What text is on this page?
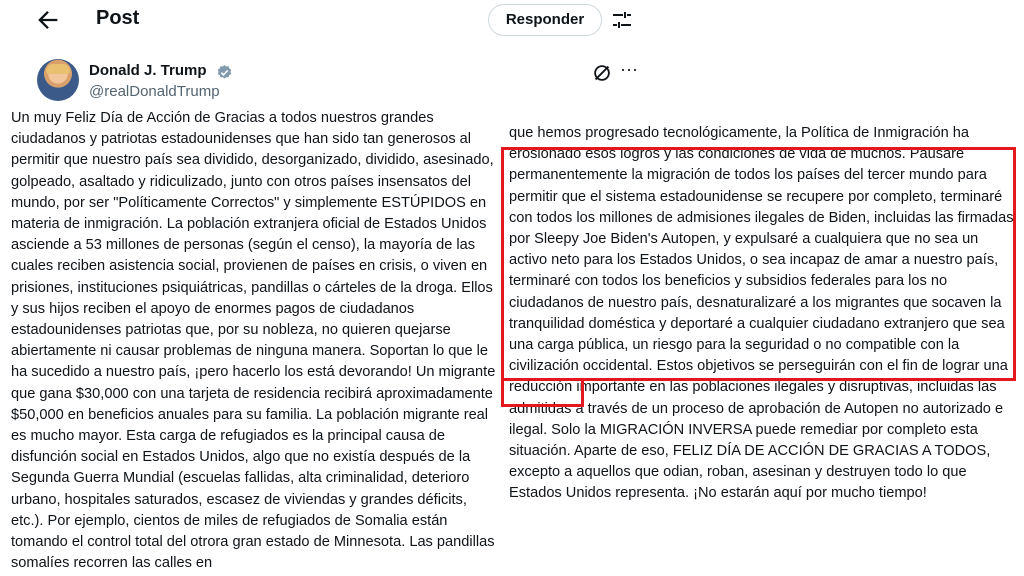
Post	Responder
Donald J. Trump
@realDonaldTrump
···

Un muy Feliz Día de Acción de Gracias a todos nuestros grandes ciudadanos y patriotas estadounidenses que han sido tan generosos al permitir que nuestro país sea dividido, desorganizado, dividido, asesinado, golpeado, asaltado y ridiculizado, junto con otros países insensatos del mundo, por ser "Políticamente Correctos" y simplemente ESTÚPIDOS en materia de inmigración. La población extranjera oficial de Estados Unidos asciende a 53 millones de personas (según el censo), la mayoría de las cuales reciben asistencia social, provienen de países en crisis, o viven en prisiones, instituciones psiquiátricas, pandillas o cárteles de la droga. Ellos y sus hijos reciben el apoyo de enormes pagos de ciudadanos estadounidenses patriotas que, por su nobleza, no quieren quejarse abiertamente ni causar problemas de ninguna manera. Soportan lo que le ha sucedido a nuestro país, ¡pero hacerlo los está devorando! Un migrante que gana $30,000 con una tarjeta de residencia recibirá aproximadamente $50,000 en beneficios anuales para su familia. La población migrante real es mucho mayor. Esta carga de refugiados es la principal causa de disfunción social en Estados Unidos, algo que no existía después de la Segunda Guerra Mundial (escuelas fallidas, alta criminalidad, deterioro urbano, hospitales saturados, escasez de viviendas y grandes déficits, etc.). Por ejemplo, cientos de miles de refugiados de Somalia están tomando el control total del otrora gran estado de Minnesota. Las pandillas somalíes recorren las calles en

que hemos progresado tecnológicamente, la Política de Inmigración ha erosionado esos logros y las condiciones de vida de muchos. Pausaré permanentemente la migración de todos los países del tercer mundo para permitir que el sistema estadounidense se recupere por completo, terminaré con todos los millones de admisiones ilegales de Biden, incluidas las firmadas por Sleepy Joe Biden's Autopen, y expulsaré a cualquiera que no sea un activo neto para los Estados Unidos, o sea incapaz de amar a nuestro país, terminaré con todos los beneficios y subsidios federales para los no ciudadanos de nuestro país, desnaturalizaré a los migrantes que socaven la tranquilidad doméstica y deportaré a cualquier ciudadano extranjero que sea una carga pública, un riesgo para la seguridad o no compatible con la civilización occidental. Estos objetivos se perseguirán con el fin de lograr una reducción importante en las poblaciones ilegales y disruptivas, incluidas las admitidas a través de un proceso de aprobación de Autopen no autorizado e ilegal. Solo la MIGRACIÓN INVERSA puede remediar por completo esta situación. Aparte de eso, FELIZ DÍA DE ACCIÓN DE GRACIAS A TODOS, excepto a aquellos que odian, roban, asesinan y destruyen todo lo que Estados Unidos representa. ¡No estarán aquí por mucho tiempo!
